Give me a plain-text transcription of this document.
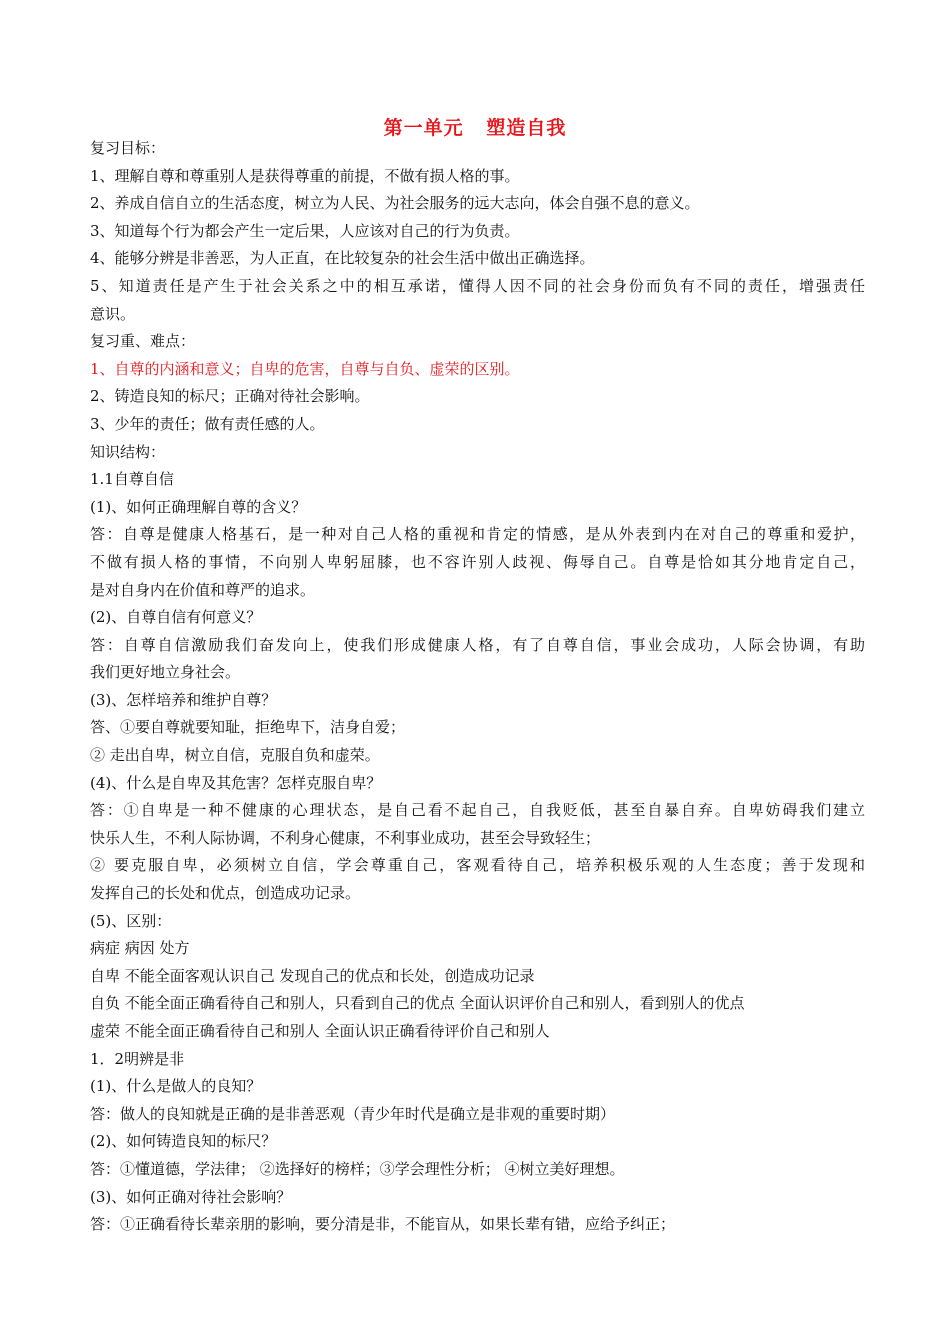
第一单元   塑造自我
复习目标：
1、理解自尊和尊重别人是获得尊重的前提，不做有损人格的事。
2、养成自信自立的生活态度，树立为人民、为社会服务的远大志向，体会自强不息的意义。
3、知道每个行为都会产生一定后果，人应该对自己的行为负责。
4、能够分辨是非善恶，为人正直，在比较复杂的社会生活中做出正确选择。
5、知道责任是产生于社会关系之中的相互承诺，懂得人因不同的社会身份而负有不同的责任，增强责任
意识。
复习重、难点：
1、自尊的内涵和意义；自卑的危害，自尊与自负、虚荣的区别。
2、铸造良知的标尺；正确对待社会影响。
3、少年的责任；做有责任感的人。
知识结构：
1.1自尊自信
(1)、如何正确理解自尊的含义？
答：自尊是健康人格基石，是一种对自己人格的重视和肯定的情感，是从外表到内在对自己的尊重和爱护，
不做有损人格的事情，不向别人卑躬屈膝，也不容许别人歧视、侮辱自己。自尊是恰如其分地肯定自己，
是对自身内在价值和尊严的追求。
(2)、自尊自信有何意义？
答：自尊自信激励我们奋发向上，使我们形成健康人格，有了自尊自信，事业会成功，人际会协调，有助
我们更好地立身社会。
(3)、怎样培养和维护自尊？
答、①要自尊就要知耻，拒绝卑下，洁身自爱；
② 走出自卑，树立自信，克服自负和虚荣。
(4)、什么是自卑及其危害？怎样克服自卑？
答：①自卑是一种不健康的心理状态，是自己看不起自己，自我贬低，甚至自暴自弃。自卑妨碍我们建立
快乐人生，不利人际协调，不利身心健康，不利事业成功，甚至会导致轻生；
② 要克服自卑，必须树立自信，学会尊重自己，客观看待自己，培养积极乐观的人生态度；善于发现和
发挥自己的长处和优点，创造成功记录。
(5)、区别：
病症 病因 处方
自卑 不能全面客观认识自己 发现自己的优点和长处，创造成功记录
自负 不能全面正确看待自己和别人，只看到自己的优点 全面认识评价自己和别人，看到别人的优点
虚荣 不能全面正确看待自己和别人 全面认识正确看待评价自己和别人
1．2明辨是非
(1)、什么是做人的良知？
答：做人的良知就是正确的是非善恶观（青少年时代是确立是非观的重要时期）
(2)、如何铸造良知的标尺？
答：①懂道德，学法律； ②选择好的榜样；③学会理性分析； ④树立美好理想。
(3)、如何正确对待社会影响？
答：①正确看待长辈亲朋的影响，要分清是非，不能盲从，如果长辈有错，应给予纠正；
